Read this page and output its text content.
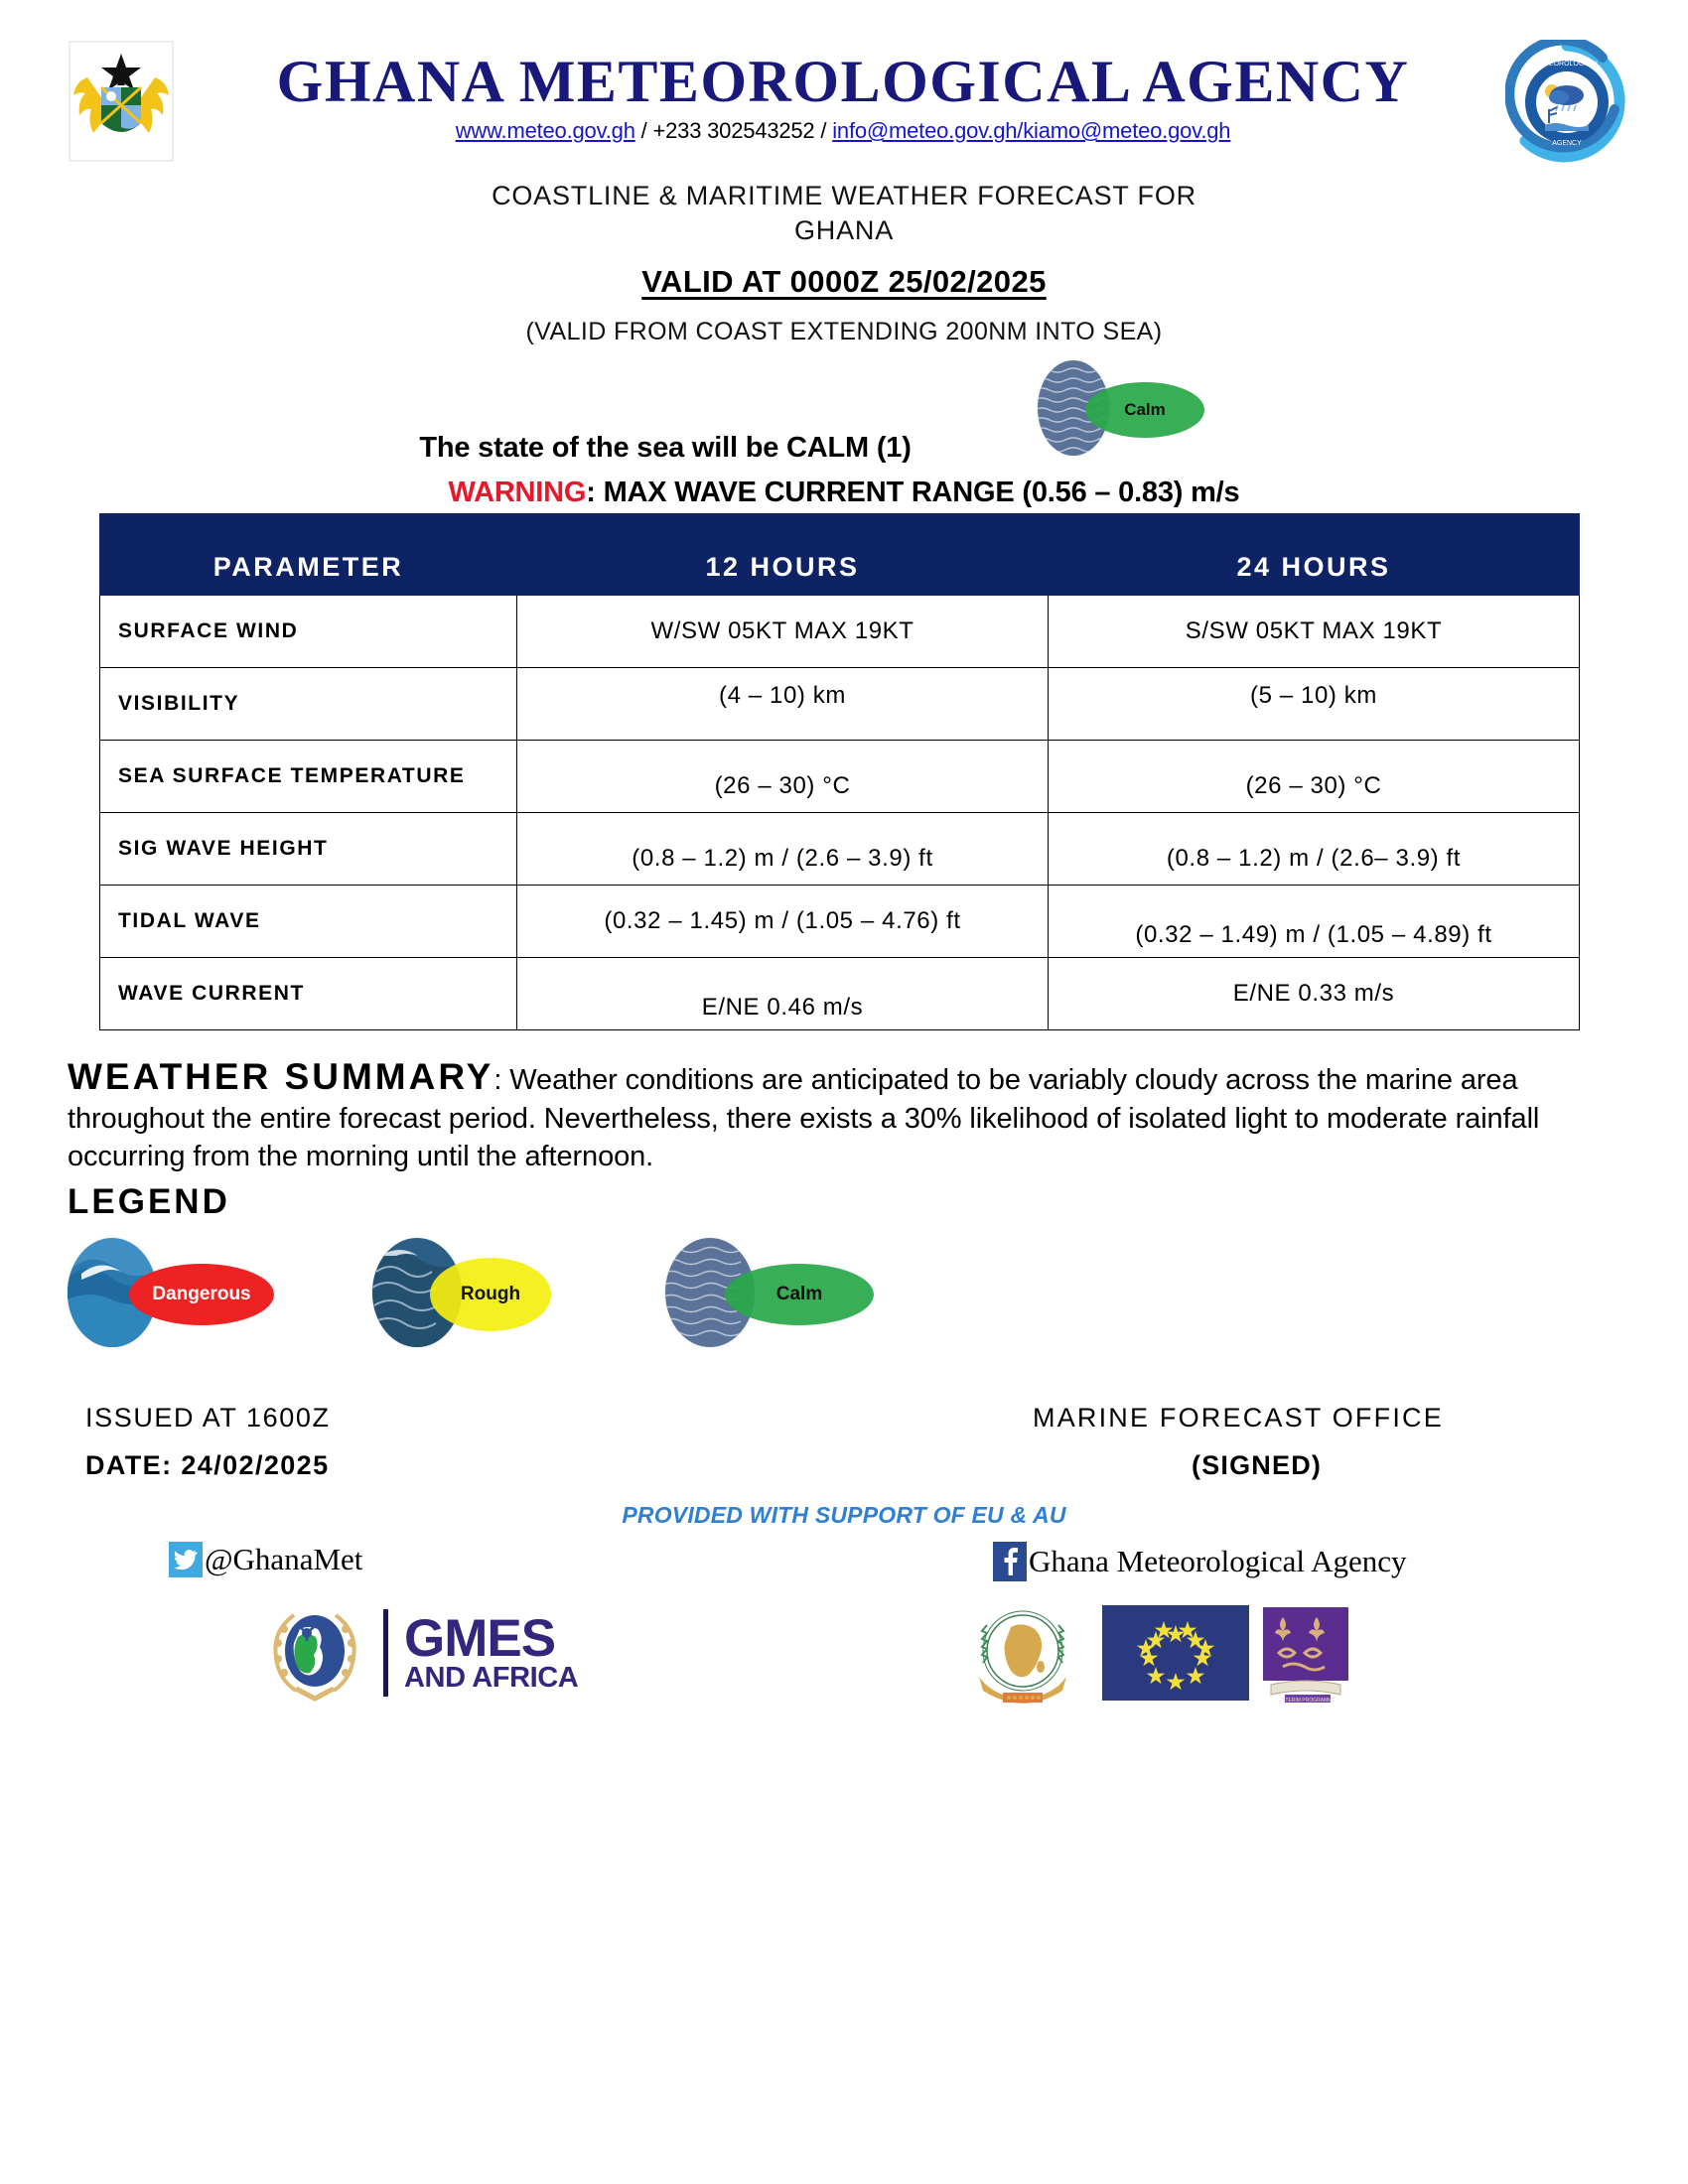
GHANA METEOROLOGICAL AGENCY
www.meteo.gov.gh / +233 302543252 / info@meteo.gov.gh/kiamo@meteo.gov.gh
METEOROLOGICAL
AGENCY
COASTLINE & MARITIME WEATHER FORECAST FOR
GHANA
VALID AT 0000Z 25/02/2025
(VALID FROM COAST EXTENDING 200NM INTO SEA)
Calm
The state of the sea will be CALM (1)
WARNING: MAX WAVE CURRENT RANGE (0.56 – 0.83) m/s
PARAMETER	12 HOURS	24 HOURS
SURFACE WIND	W/SW 05KT MAX 19KT	S/SW 05KT MAX 19KT
VISIBILITY	(4 – 10) km	(5 – 10) km
SEA SURFACE TEMPERATURE	(26 – 30) °C	(26 – 30) °C
SIG WAVE HEIGHT	(0.8 – 1.2) m / (2.6 – 3.9) ft	(0.8 – 1.2) m / (2.6– 3.9) ft
TIDAL WAVE	(0.32 – 1.45) m / (1.05 – 4.76) ft	(0.32 – 1.49) m / (1.05 – 4.89) ft
WAVE CURRENT	E/NE 0.46 m/s	E/NE 0.33 m/s
WEATHER SUMMARY: Weather conditions are anticipated to be variably cloudy across the marine area throughout the entire forecast period. Nevertheless, there exists a 30% likelihood of isolated light to moderate rainfall occurring from the morning until the afternoon.
LEGEND
Dangerous	Rough	Calm
ISSUED AT 1600Z
DATE: 24/02/2025
MARINE FORECAST OFFICE
(SIGNED)
PROVIDED WITH SUPPORT OF EU & AU
@GhanaMet	Ghana Meteorological Agency
GMES
AND AFRICA
INTERIM PROGRAMME
